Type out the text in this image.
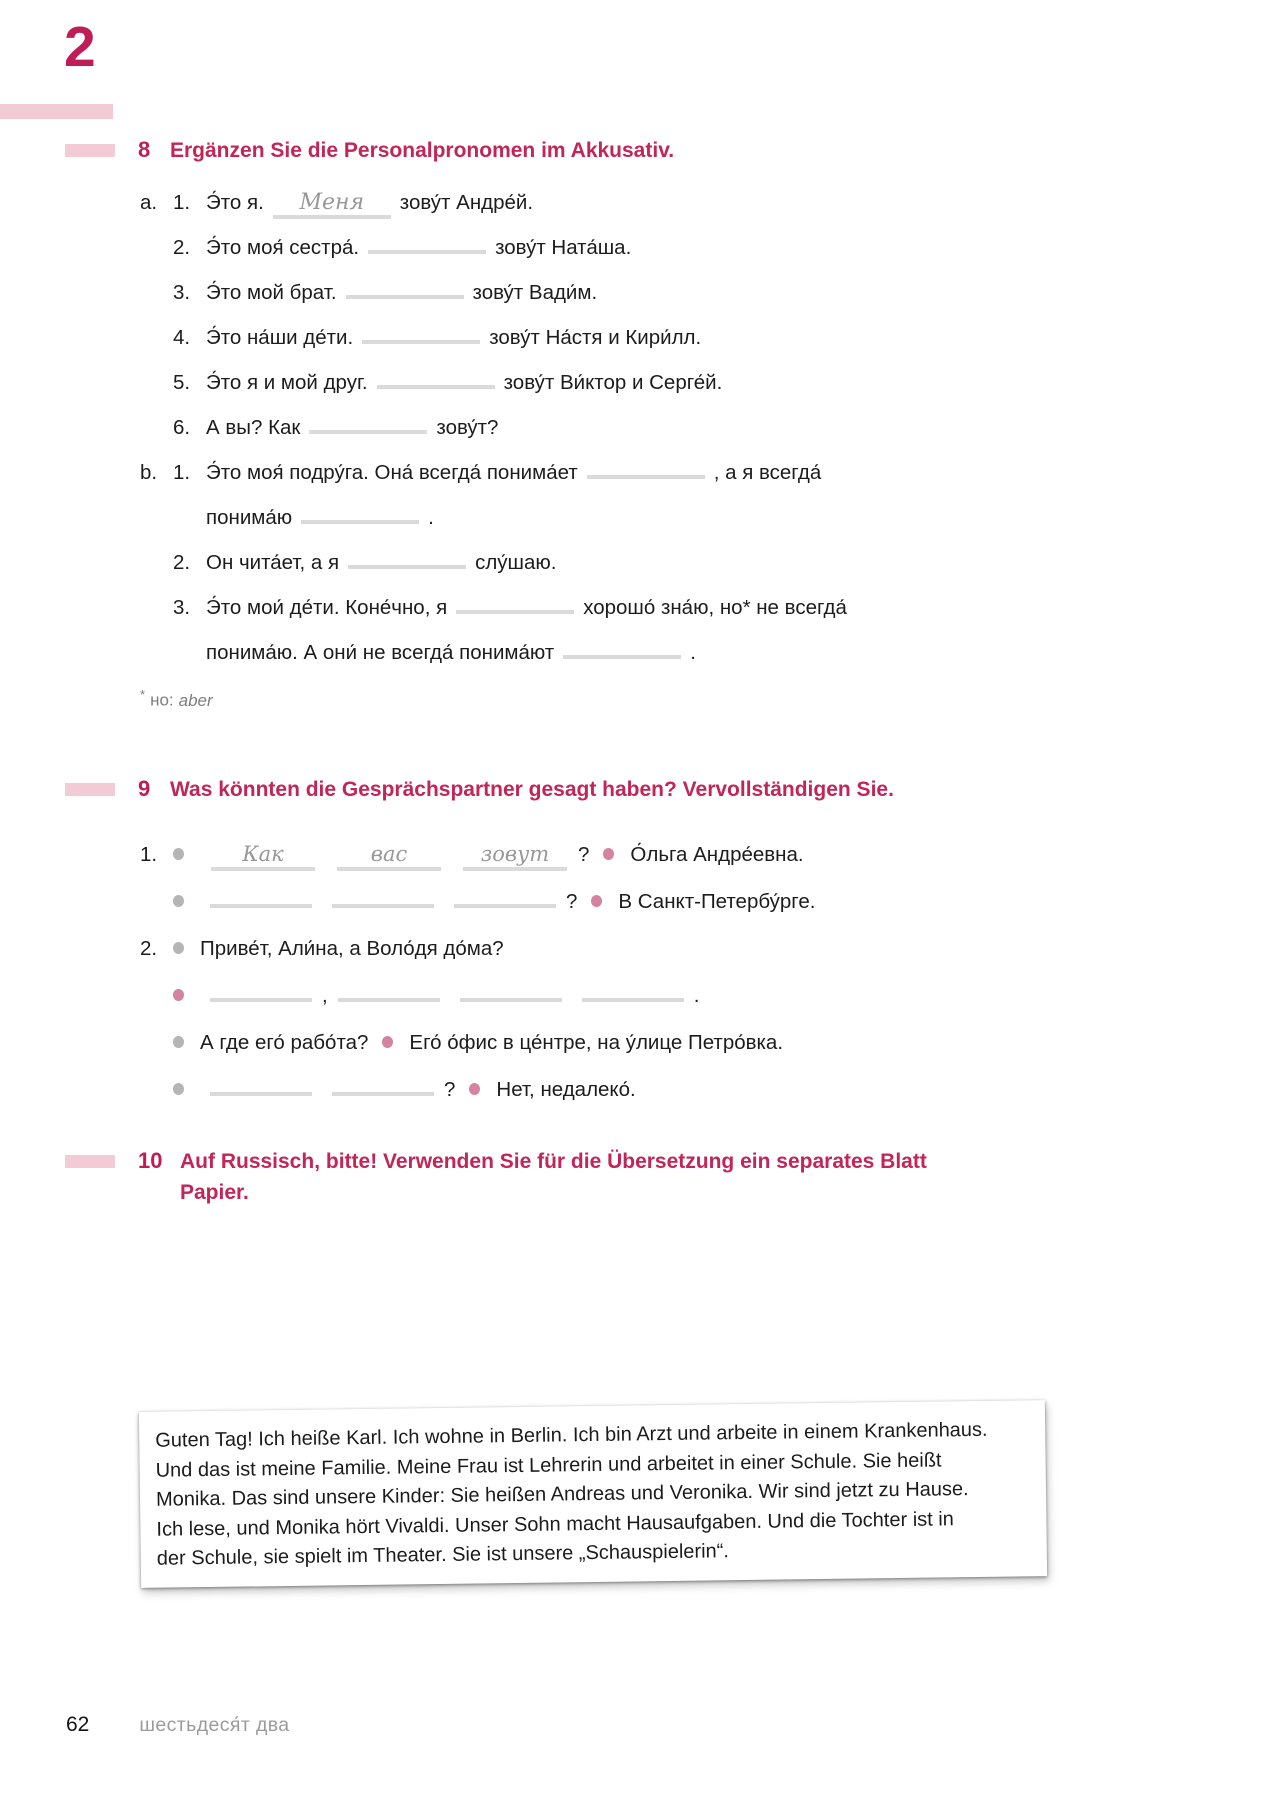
2
8 Ergänzen Sie die Personalpronomen im Akkusativ.
a. 1. Э́то я. Меня зову́т Андре́й.
2. Э́то моя́ сестра́.	зову́т Ната́ша.
3. Э́то мой брат.	зову́т Вади́м.
4. Э́то на́ши де́ти.	зову́т На́стя и Кири́лл.
5. Э́то я и мой друг.	зову́т Ви́ктор и Серге́й.
6. А вы? Как	зову́т?
b. 1. Э́то моя́ подру́га. Она́ всегда́ понима́ет	, а я всегда́
понима́ю	.
2. Он чита́ет, а я	слу́шаю.
3. Э́то мои́ де́ти. Коне́чно, я	хорошо́ зна́ю, но* не всегда́
понима́ю. А они́ не всегда́ понима́ют	.
* но: aber
9 Was könnten die Gesprächspartner gesagt haben? Vervollständigen Sie.
1.	Как	вас	зовут ? О́льга Андре́евна.
? В Санкт-Петербу́рге.
2.	Приве́т, Али́на, а Воло́дя до́ма?
,	.
А где его́ рабо́та? Его́ о́фис в це́нтре, на у́лице Петро́вка.
? Нет, недалеко́.
10 Auf Russisch, bitte! Verwenden Sie für die Übersetzung ein separates Blatt
Papier.
Guten Tag! Ich heiße Karl. Ich wohne in Berlin. Ich bin Arzt und arbeite in einem Krankenhaus.
Und das ist meine Familie. Meine Frau ist Lehrerin und arbeitet in einer Schule. Sie heißt
Monika. Das sind unsere Kinder: Sie heißen Andreas und Veronika. Wir sind jetzt zu Hause.
Ich lese, und Monika hört Vivaldi. Unser Sohn macht Hausaufgaben. Und die Tochter ist in
der Schule, sie spielt im Theater. Sie ist unsere „Schauspielerin“.
62	шестьдеся́т два
